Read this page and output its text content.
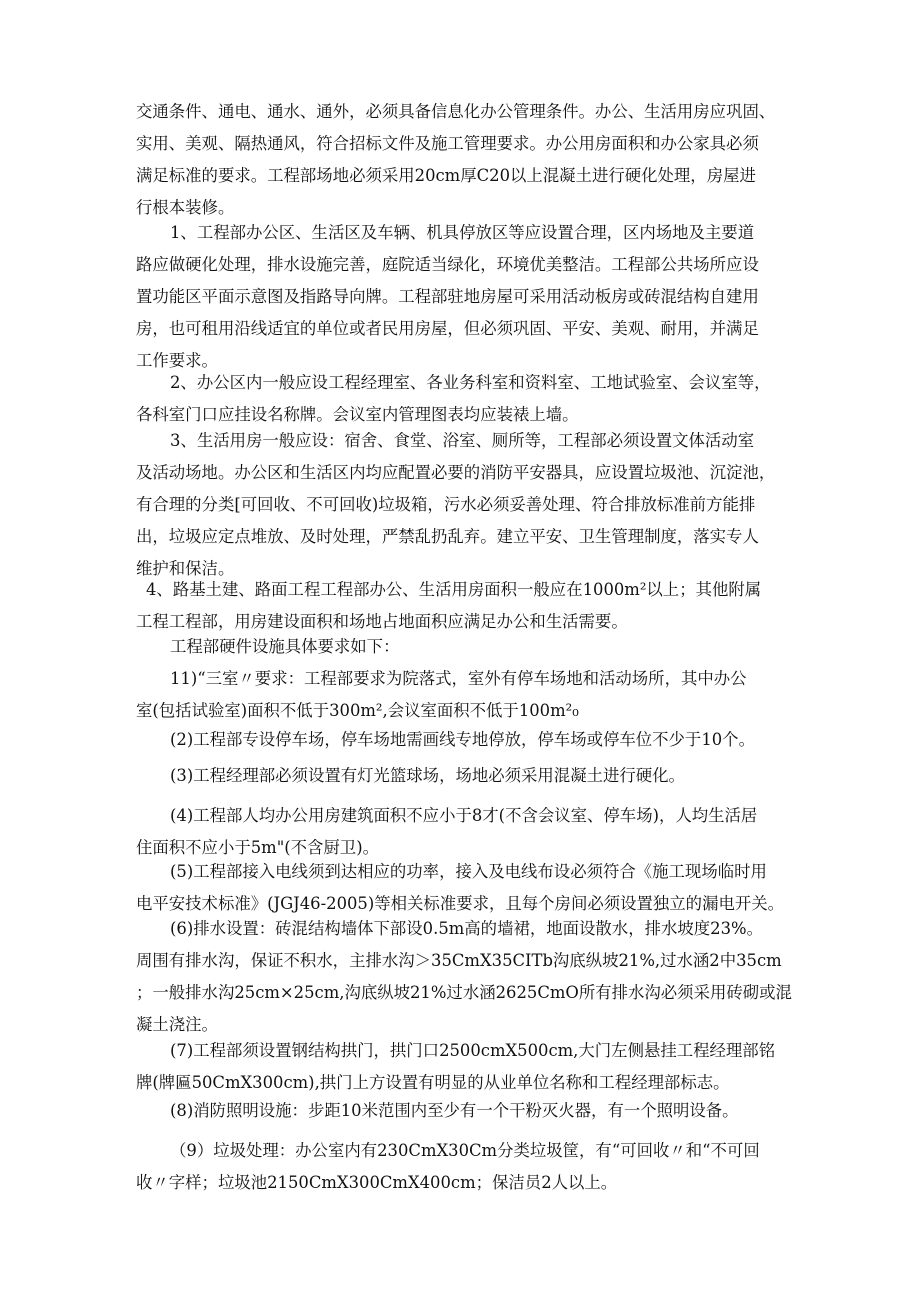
交通条件、通电、通水、通外，必须具备信息化办公管理条件。办公、生活用房应巩固、
实用、美观、隔热通风，符合招标文件及施工管理要求。办公用房面积和办公家具必须
满足标准的要求。工程部场地必须采用20cm厚C20以上混凝土进行硬化处理，房屋进
行根本装修。
1、工程部办公区、生活区及车辆、机具停放区等应设置合理，区内场地及主要道
路应做硬化处理，排水设施完善，庭院适当绿化，环境优美整洁。工程部公共场所应设
置功能区平面示意图及指路导向牌。工程部驻地房屋可采用活动板房或砖混结构自建用
房，也可租用沿线适宜的单位或者民用房屋，但必须巩固、平安、美观、耐用，并满足
工作要求。
2、办公区内一般应设工程经理室、各业务科室和资料室、工地试验室、会议室等，
各科室门口应挂设名称牌。会议室内管理图表均应装裱上墙。
3、生活用房一般应设：宿舍、食堂、浴室、厕所等，工程部必须设置文体活动室
及活动场地。办公区和生活区内均应配置必要的消防平安器具，应设置垃圾池、沉淀池，
有合理的分类[可回收、不可回收)垃圾箱，污水必须妥善处理、符合排放标准前方能排
出，垃圾应定点堆放、及时处理，严禁乱扔乱弃。建立平安、卫生管理制度，落实专人
维护和保洁。
4、路基土建、路面工程工程部办公、生活用房面积一般应在1000m²以上；其他附属
工程工程部，用房建设面积和场地占地面积应满足办公和生活需要。
工程部硬件设施具体要求如下：
11)“三室〃要求：工程部要求为院落式，室外有停车场地和活动场所，其中办公
室(包括试验室)面积不低于300m²,会议室面积不低于100m²₀
(2)工程部专设停车场，停车场地需画线专地停放，停车场或停车位不少于10个。
(3)工程经理部必须设置有灯光篮球场，场地必须采用混凝土进行硬化。
(4)工程部人均办公用房建筑面积不应小于8才(不含会议室、停车场)，人均生活居
住面积不应小于5m"(不含厨卫)。
(5)工程部接入电线须到达相应的功率，接入及电线布设必须符合《施工现场临时用
电平安技术标准》(JGJ46-2005)等相关标准要求，且每个房间必须设置独立的漏电开关。
(6)排水设置：砖混结构墙体下部设0.5m高的墙裙，地面设散水，排水坡度23%。
周围有排水沟，保证不积水，主排水沟＞35CmX35CITb沟底纵坡21%,过水涵2中35cm
；一般排水沟25cm×25cm,沟底纵坡21%过水涵2625CmO所有排水沟必须采用砖砌或混
凝土浇注。
(7)工程部须设置钢结构拱门，拱门口2500cmX500cm,大门左侧悬挂工程经理部铭
牌(牌匾50CmX300cm),拱门上方设置有明显的从业单位名称和工程经理部标志。
(8)消防照明设施：步距10米范围内至少有一个干粉灭火器，有一个照明设备。
（9）垃圾处理：办公室内有230CmX30Cm分类垃圾筐，有“可回收〃和“不可回
收〃字样；垃圾池2150CmX300CmX400cm；保洁员2人以上。
